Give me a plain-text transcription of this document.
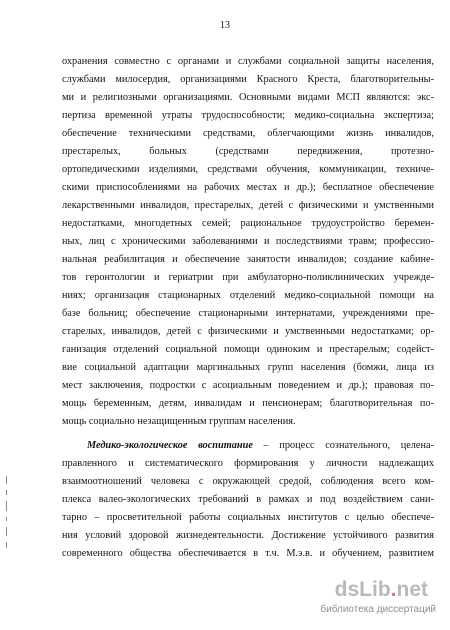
13
охранения совместно с органами и службами социальной защиты населения,
службами милосердия, организациями Красного Креста, благотворительны-
ми и религиозными организациями. Основными видами МСП являются: экс-
пертиза временной утраты трудоспособности; медико-социальна экспертиза;
обеспечение техническими средствами, облегчающими жизнь инвалидов,
престарелых, больных (средствами передвижения, протезно-
ортопедическими изделиями, средствами обучения, коммуникации, техниче-
скими приспособлениями на рабочих местах и др.); бесплатное обеспечение
лекарственными инвалидов, престарелых, детей с физическими и умственными
недостатками, многодетных семей; рациональное трудоустройство беремен-
ных, лиц с хроническими заболеваниями и последствиями травм; профессио-
нальная реабилитация и обеспечение занятости инвалидов; создание кабине-
тов геронтологии и гериатрии при амбулаторно-поликлинических учрежде-
ниях; организация стационарных отделений медико-социальной помощи на
базе больниц; обеспечение стационарными интернатами, учреждениями пре-
старелых, инвалидов, детей с физическими и умственными недостатками; ор-
ганизация отделений социальной помощи одиноким и престарелым; содейст-
вие социальной адаптации маргинальных групп населения (бомжи, лица из
мест заключения, подростки с асоциальным поведением и др.); правовая по-
мощь беременным, детям, инвалидам и пенсионерам; благотворительная по-
мощь социально незащищенным группам населения.
Медико-экологическое воспитание – процесс сознательного, целена-
правленного и систематического формирования у личности надлежащих
взаимоотношений человека с окружающей средой, соблюдения всего ком-
плекса валео-экологических требований в рамках и под воздействием сани-
тарно – просветительной работы социальных институтов с целью обеспече-
ния условий здоровой жизнедеятельности. Достижение устойчивого развития
современного общества обеспечивается в т.ч. М.э.в. и обучением, развитием
dsLib.net
библиотека диссертаций
